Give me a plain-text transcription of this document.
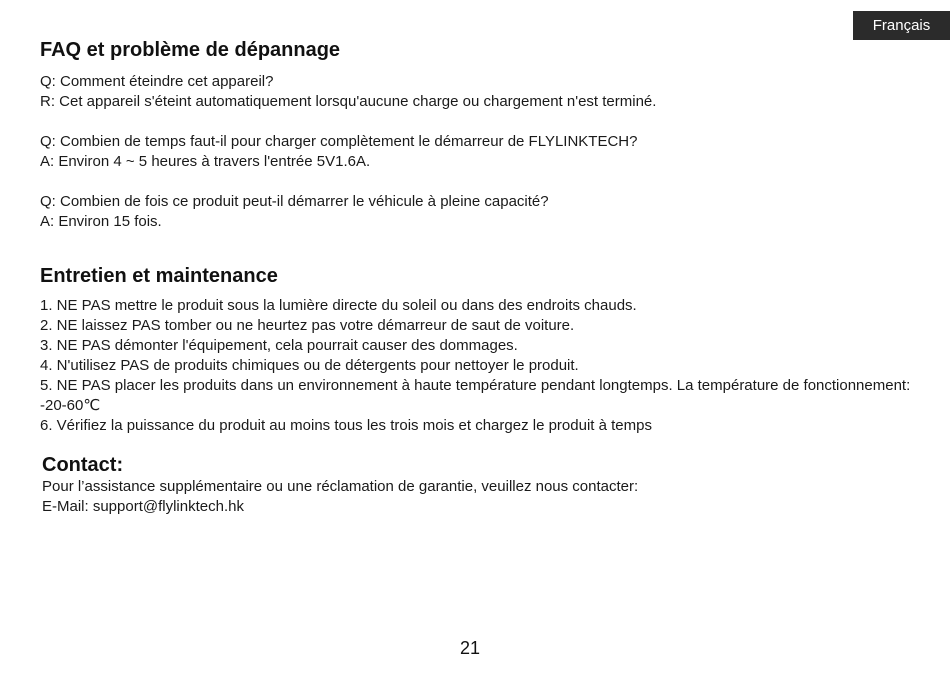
Français
FAQ et problème de dépannage
Q: Comment éteindre cet appareil?
R: Cet appareil s'éteint automatiquement lorsqu'aucune charge ou chargement n'est terminé.
Q: Combien de temps faut-il pour charger complètement le démarreur de FLYLINKTECH?
A: Environ 4 ~ 5 heures à travers l'entrée 5V1.6A.
Q: Combien de fois ce produit peut-il démarrer le véhicule à pleine capacité?
A: Environ 15 fois.
Entretien et maintenance
1. NE PAS mettre le produit sous la lumière directe du soleil ou dans des endroits chauds.
2. NE laissez PAS tomber ou ne heurtez pas votre démarreur de saut de voiture.
3. NE PAS démonter l'équipement, cela pourrait causer des dommages.
4. N'utilisez PAS de produits chimiques ou de détergents pour nettoyer le produit.
5. NE PAS placer les produits dans un environnement à haute température pendant longtemps. La température de fonctionnement: -20-60℃
6. Vérifiez la puissance du produit au moins tous les trois mois et chargez le produit à temps
Contact:
Pour l’assistance supplémentaire ou une réclamation de garantie, veuillez nous contacter:
E-Mail: support@flylinktech.hk
21
